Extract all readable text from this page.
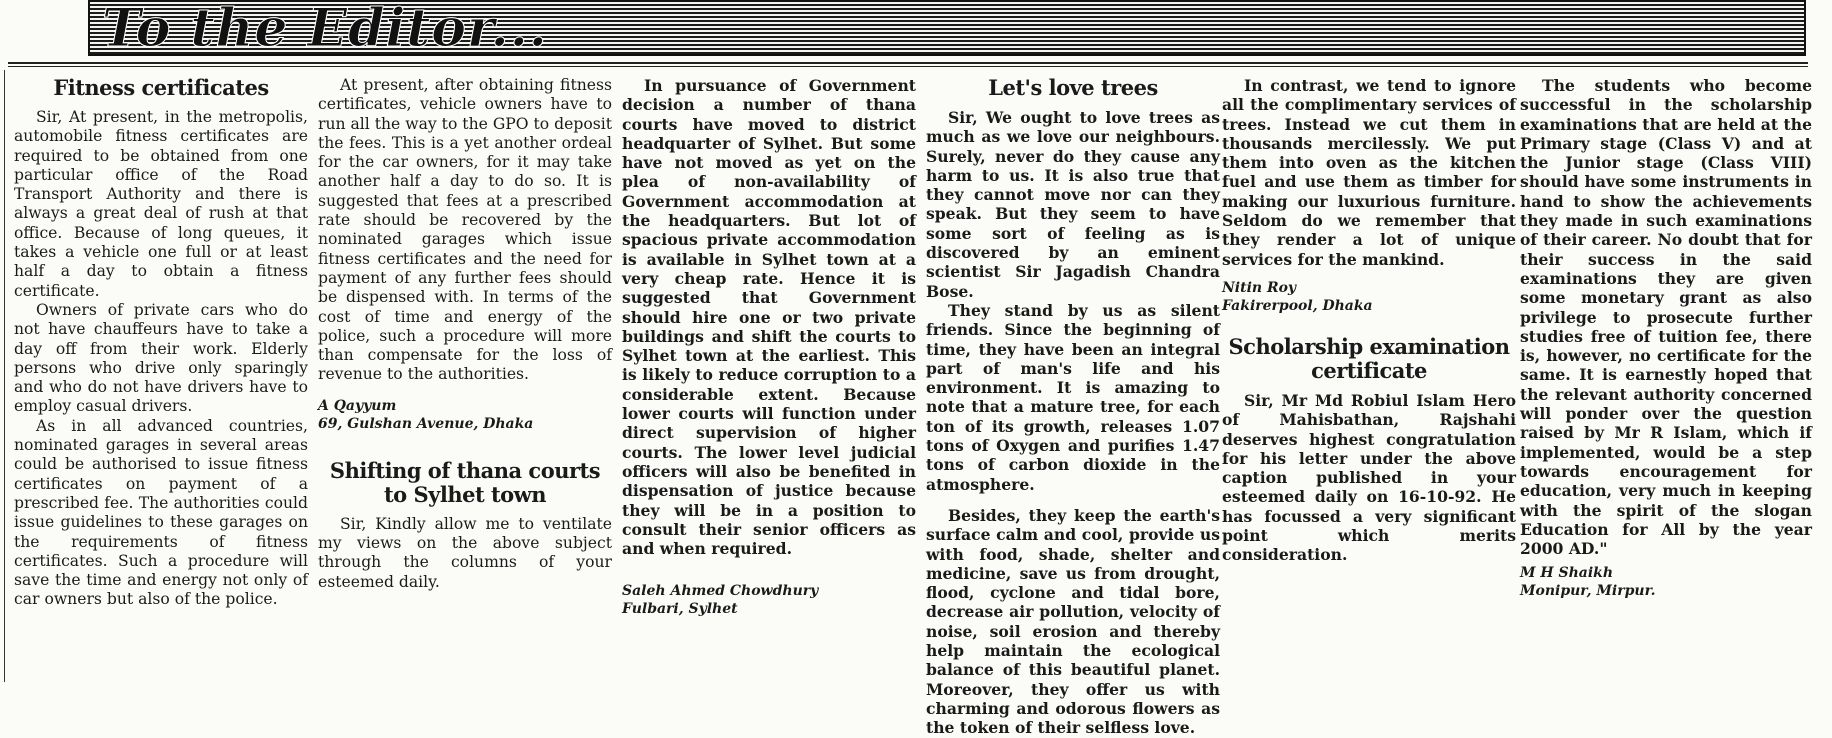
To the Editor...
Fitness certificates

Sir, At present, in the metropolis, automobile fitness certificates are required to be obtained from one particular office of the Road Transport Authority and there is always a great deal of rush at that office. Because of long queues, it takes a vehicle one full or at least half a day to obtain a fitness certificate.

Owners of private cars who do not have chauffeurs have to take a day off from their work. Elderly persons who drive only sparingly and who do not have drivers have to employ casual drivers.

As in all advanced countries, nominated garages in several areas could be authorised to issue fitness certificates on payment of a prescribed fee. The authorities could issue guidelines to these garages on the requirements of fitness certificates. Such a procedure will save the time and energy not only of car owners but also of the police.

At present, after obtaining fitness certificates, vehicle owners have to run all the way to the GPO to deposit the fees. This is a yet another ordeal for the car owners, for it may take another half a day to do so. It is suggested that fees at a prescribed rate should be recovered by the nominated garages which issue fitness certificates and the need for payment of any further fees should be dispensed with. In terms of the cost of time and energy of the police, such a procedure will more than compensate for the loss of revenue to the authorities.

A Qayyum
69, Gulshan Avenue, Dhaka
Shifting of thana courts to Sylhet town

Sir, Kindly allow me to ventilate my views on the above subject through the columns of your esteemed daily.

In pursuance of Government decision a number of thana courts have moved to district headquarter of Sylhet. But some have not moved as yet on the plea of non-availability of Government accommodation at the headquarters. But lot of spacious private accommodation is available in Sylhet town at a very cheap rate. Hence it is suggested that Government should hire one or two private buildings and shift the courts to Sylhet town at the earliest. This is likely to reduce corruption to a considerable extent. Because lower courts will function under direct supervision of higher courts. The lower level judicial officers will also be benefited in dispensation of justice because they will be in a position to consult their senior officers as and when required.

Saleh Ahmed Chowdhury
Fulbari, Sylhet
Let's love trees

Sir, We ought to love trees as much as we love our neighbours. Surely, never do they cause any harm to us. It is also true that they cannot move nor can they speak. But they seem to have some sort of feeling as is discovered by an eminent scientist Sir Jagadish Chandra Bose.

They stand by us as silent friends. Since the beginning of time, they have been an integral part of man's life and his environment. It is amazing to note that a mature tree, for each ton of its growth, releases 1.07 tons of Oxygen and purifies 1.47 tons of carbon dioxide in the atmosphere.

Besides, they keep the earth's surface calm and cool, provide us with food, shade, shelter and medicine, save us from drought, flood, cyclone and tidal bore, decrease air pollution, velocity of noise, soil erosion and thereby help maintain the ecological balance of this beautiful planet. Moreover, they offer us with charming and odorous flowers as the token of their selfless love.

In contrast, we tend to ignore all the complimentary services of trees. Instead we cut them in thousands mercilessly. We put them into oven as the kitchen fuel and use them as timber for making our luxurious furniture. Seldom do we remember that they render a lot of unique services for the mankind.

Nitin Roy
Fakirerpool, Dhaka
Scholarship examination certificate

Sir, Mr Md Robiul Islam Hero of Mahisbathan, Rajshahi deserves highest congratulation for his letter under the above caption published in your esteemed daily on 16-10-92. He has focussed a very significant point which merits consideration.

The students who become successful in the scholarship examinations that are held at the Primary stage (Class V) and at the Junior stage (Class VIII) should have some instruments in hand to show the achievements they made in such examinations of their career. No doubt that for their success in the said examinations they are given some monetary grant as also privilege to prosecute further studies free of tuition fee, there is, however, no certificate for the same. It is earnestly hoped that the relevant authority concerned will ponder over the question raised by Mr R Islam, which if implemented, would be a step towards encouragement for education, very much in keeping with the spirit of the slogan Education for All by the year 2000 AD."

M H Shaikh
Monipur, Mirpur.
